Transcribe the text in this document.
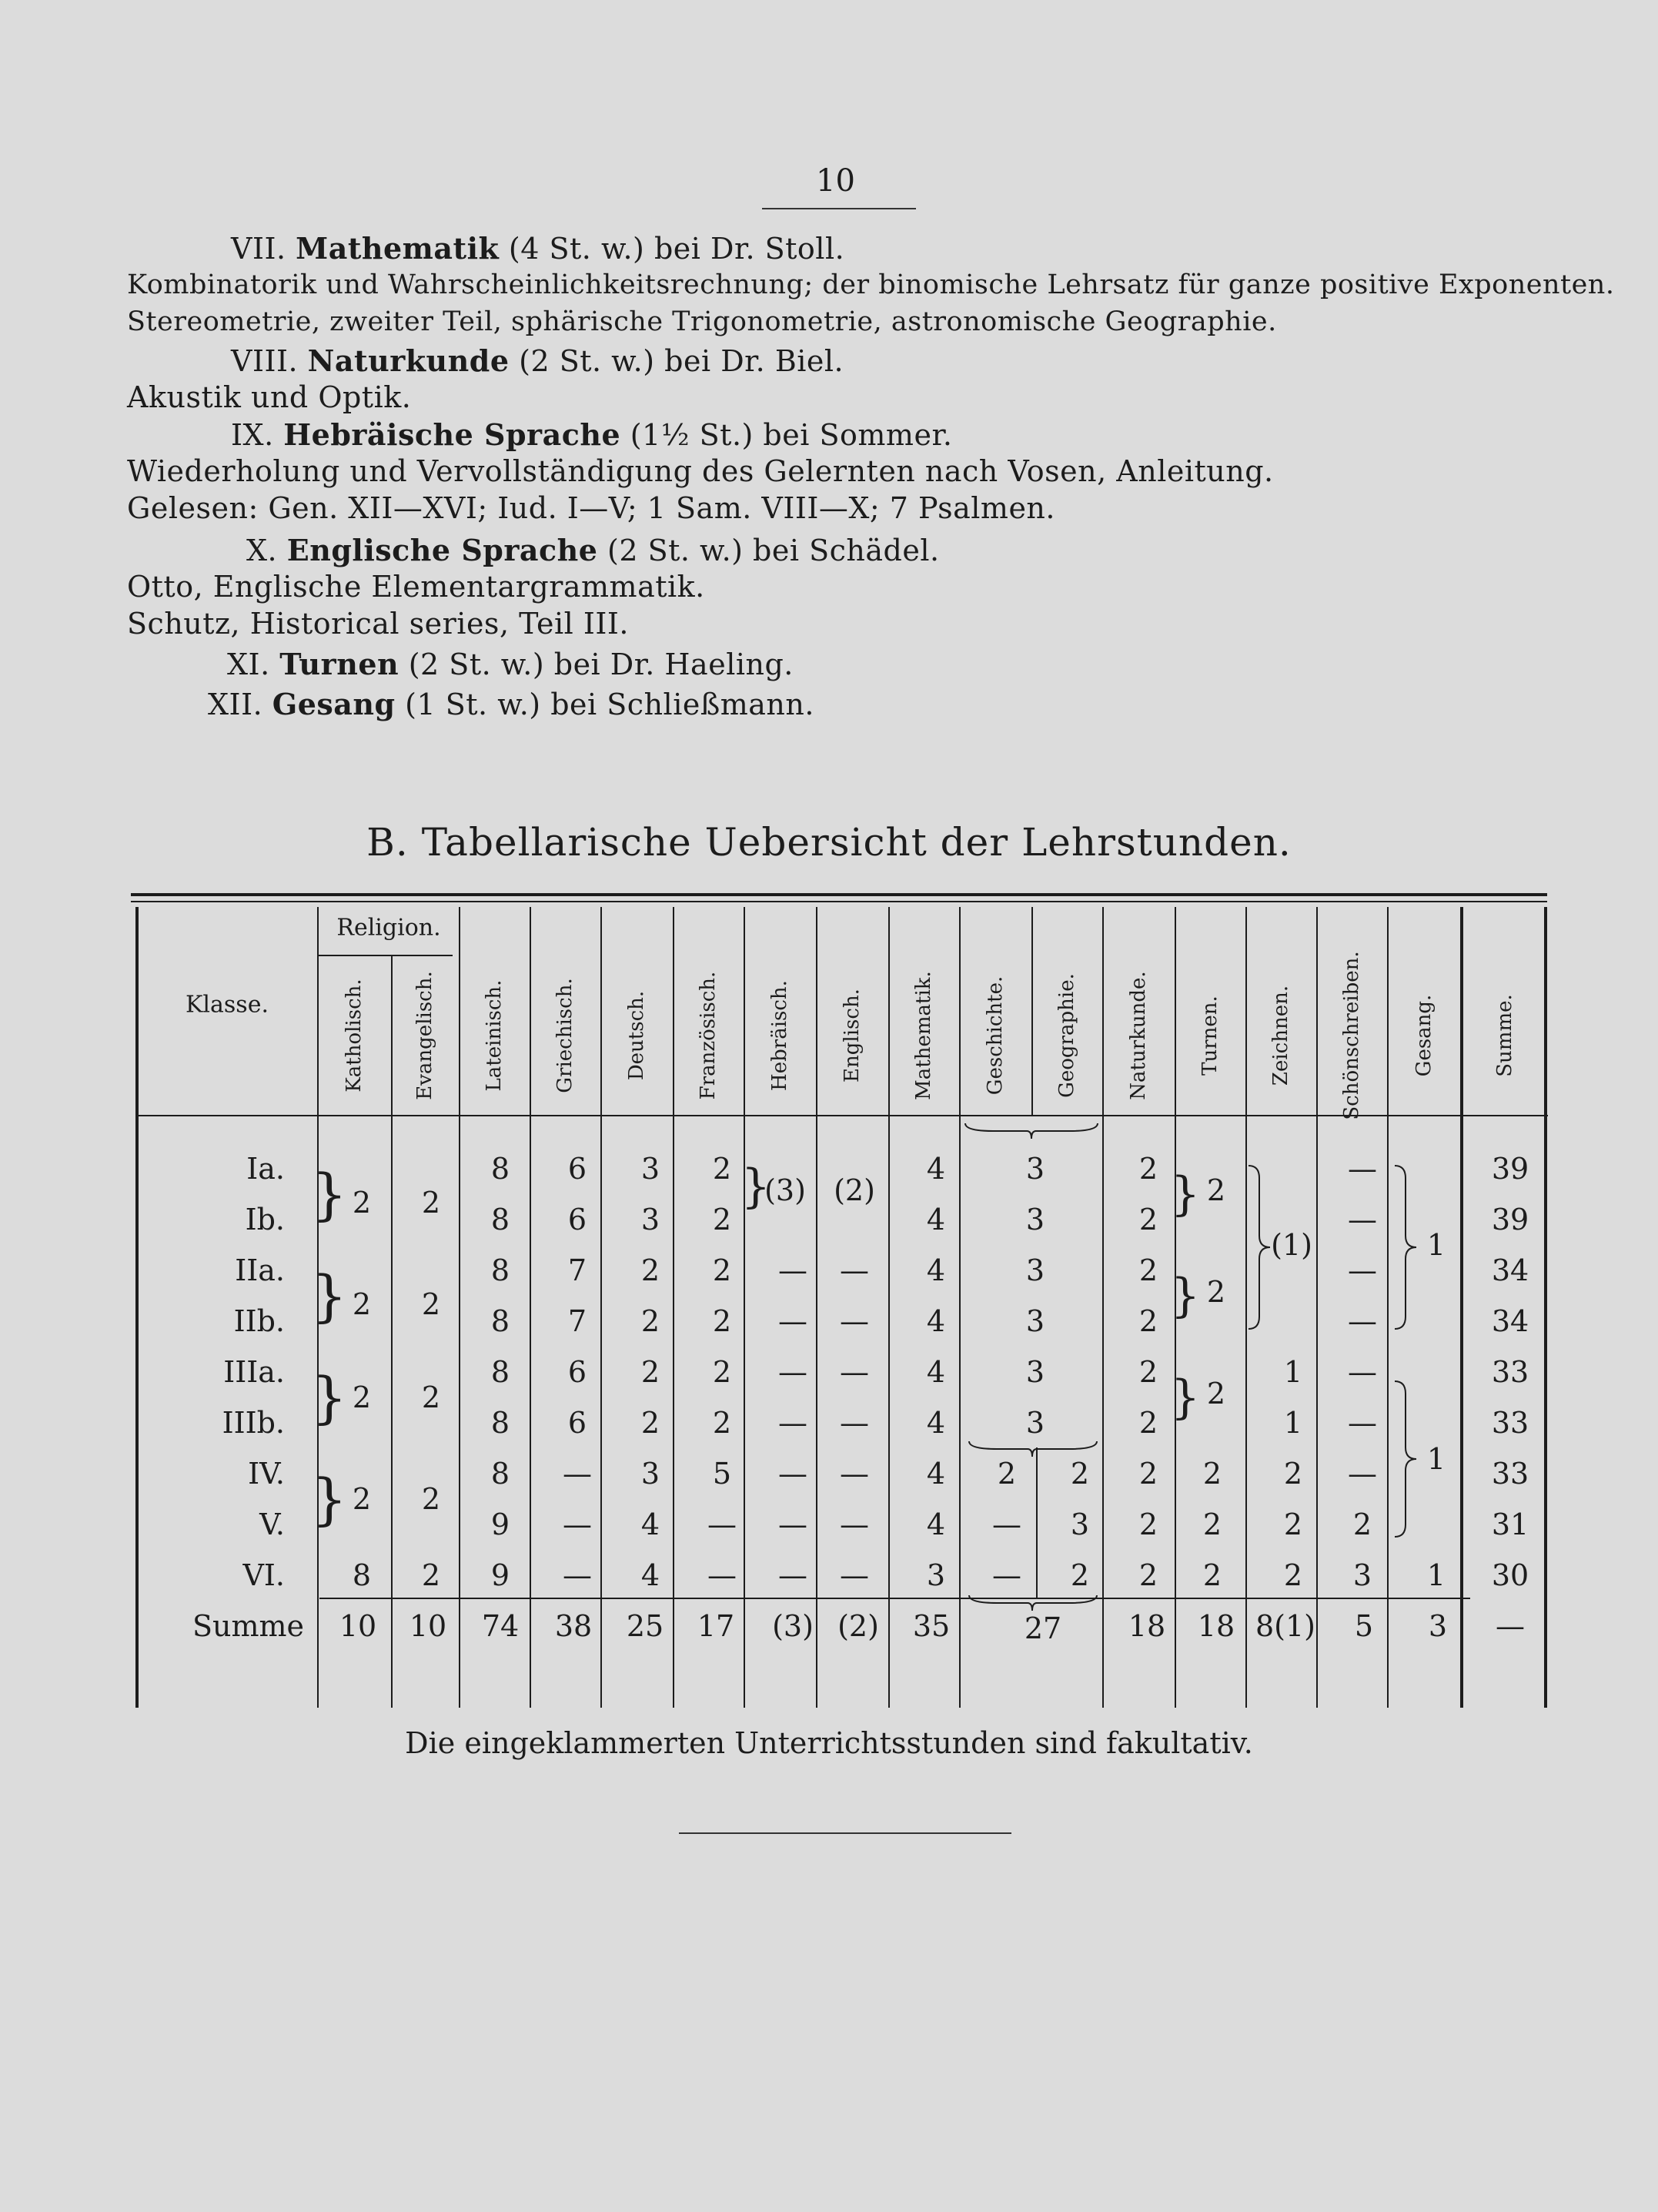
10
VII. Mathematik (4 St. w.) bei Dr. Stoll.
Kombinatorik und Wahrscheinlichkeitsrechnung; der binomische Lehrsatz für ganze positive Exponenten.
Stereometrie, zweiter Teil, sphärische Trigonometrie, astronomische Geographie.
VIII. Naturkunde (2 St. w.) bei Dr. Biel.
Akustik und Optik.
IX. Hebräische Sprache (1½ St.) bei Sommer.
Wiederholung und Vervollständigung des Gelernten nach Vosen, Anleitung.
Gelesen: Gen. XII—XVI; Iud. I—V; 1 Sam. VIII—X; 7 Psalmen.
X. Englische Sprache (2 St. w.) bei Schädel.
Otto, Englische Elementargrammatik.
Schutz, Historical series, Teil III.
XI. Turnen (2 St. w.) bei Dr. Haeling.
XII. Gesang (1 St. w.) bei Schließmann.
B. Tabellarische Uebersicht der Lehrstunden.
Klasse.
Religion.
Katholisch. Evangelisch. Lateinisch. Griechisch. Deutsch. Französisch. Hebräisch. Englisch. Mathematik. Geschichte. Geographie. Naturkunde. Turnen. Zeichnen. Schönschreiben. Gesang.	Summe.
Ia.
Ib.
IIa.
IIb.
IIIa.
IIIb.
IV.
V.
VI.
Summe
} 2 2
} 2 2
} 2 2
} 2 2
8 2
8
8
8
8
8
8
8
9
9
6
6
7
7
6
6
—
—
—
3
3
2
2
2
2
3
4
4
2
2
2
2
2
2
5
—
—
}
(3)
—
—
—
—
—
—
—
(2)
—
—
—
—
—
—
—
4
4
4
4
4
4
4
4
3
3
3
3
3
3
3
2
—
—
2
3
2
2
2
2
2
2
2
2
2
2
} 2
} 2
} 2
2
2
2
(1)
1
1
2
2
2
—
—
—
—
—
—
—
2
3
1
1
1
39
39
34
34
33
33
33
31
30
10 10 74 38 25 17 (3) (2) 35	27 18 18 8(1) 5 3 —
Die eingeklammerten Unterrichtsstunden sind fakultativ.
